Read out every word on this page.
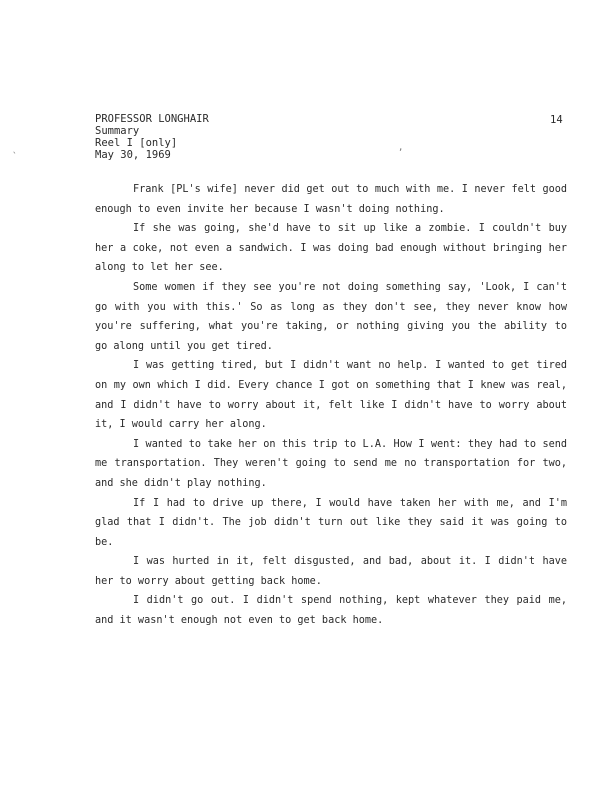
`
,
PROFESSOR LONGHAIR
Summary
Reel I [only]
May 30, 1969
14

Frank [PL's wife] never did get out to much with me. I never felt good enough to even invite her because I wasn't doing nothing.

If she was going, she'd have to sit up like a zombie. I couldn't buy her a coke, not even a sandwich. I was doing bad enough without bringing her along to let her see.

Some women if they see you're not doing something say, 'Look, I can't go with you with this.' So as long as they don't see, they never know how you're suffering, what you're taking, or nothing giving you the ability to go along until you get tired.

I was getting tired, but I didn't want no help. I wanted to get tired on my own which I did. Every chance I got on something that I knew was real, and I didn't have to worry about it, felt like I didn't have to worry about it, I would carry her along.

I wanted to take her on this trip to L.A. How I went: they had to send me transportation. They weren't going to send me no transportation for two, and she didn't play nothing.

If I had to drive up there, I would have taken her with me, and I'm glad that I didn't. The job didn't turn out like they said it was going to be.

I was hurted in it, felt disgusted, and bad, about it. I didn't have her to worry about getting back home.

I didn't go out. I didn't spend nothing, kept whatever they paid me, and it wasn't enough not even to get back home.
